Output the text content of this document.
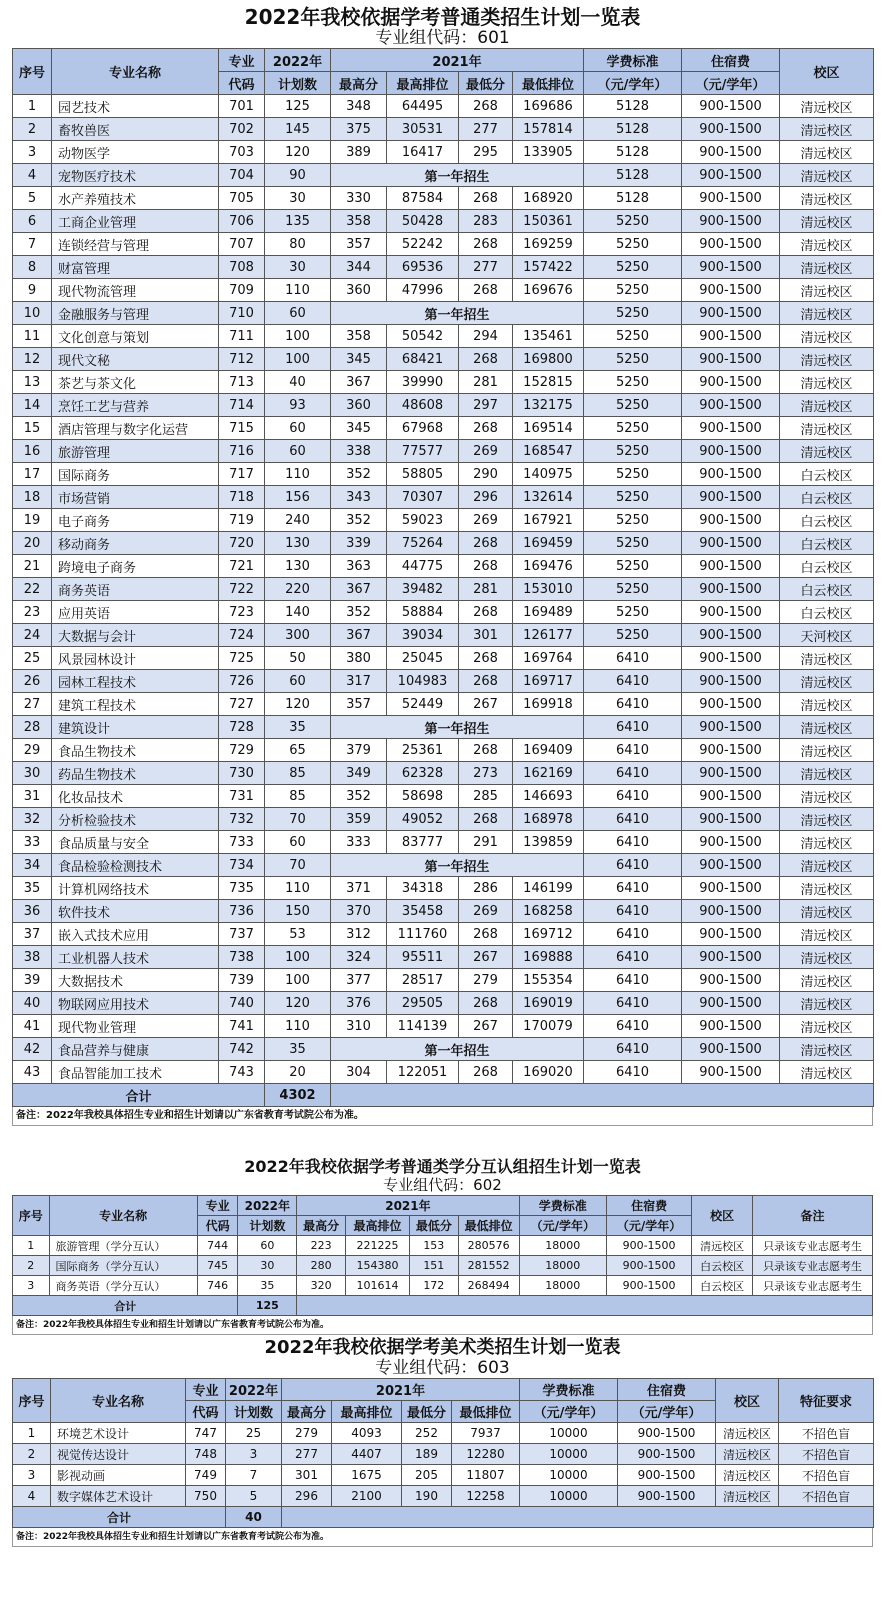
2022年我校依据学考普通类招生计划一览表
专业组代码：601
序号	专业名称	专业	2022年	2021年				学费标准	住宿费	校区
		代码	计划数	最高分	最高排位	最低分	最低排位	（元/学年）	（元/学年）	
1	园艺技术	701	125	348	64495	268	169686	5128	900-1500	清远校区
2	畜牧兽医	702	145	375	30531	277	157814	5128	900-1500	清远校区
3	动物医学	703	120	389	16417	295	133905	5128	900-1500	清远校区
4	宠物医疗技术	704	90	第一年招生				5128	900-1500	清远校区
5	水产养殖技术	705	30	330	87584	268	168920	5128	900-1500	清远校区
6	工商企业管理	706	135	358	50428	283	150361	5250	900-1500	清远校区
7	连锁经营与管理	707	80	357	52242	268	169259	5250	900-1500	清远校区
8	财富管理	708	30	344	69536	277	157422	5250	900-1500	清远校区
9	现代物流管理	709	110	360	47996	268	169676	5250	900-1500	清远校区
10	金融服务与管理	710	60	第一年招生				5250	900-1500	清远校区
11	文化创意与策划	711	100	358	50542	294	135461	5250	900-1500	清远校区
12	现代文秘	712	100	345	68421	268	169800	5250	900-1500	清远校区
13	茶艺与茶文化	713	40	367	39990	281	152815	5250	900-1500	清远校区
14	烹饪工艺与营养	714	93	360	48608	297	132175	5250	900-1500	清远校区
15	酒店管理与数字化运营	715	60	345	67968	268	169514	5250	900-1500	清远校区
16	旅游管理	716	60	338	77577	269	168547	5250	900-1500	清远校区
17	国际商务	717	110	352	58805	290	140975	5250	900-1500	白云校区
18	市场营销	718	156	343	70307	296	132614	5250	900-1500	白云校区
19	电子商务	719	240	352	59023	269	167921	5250	900-1500	白云校区
20	移动商务	720	130	339	75264	268	169459	5250	900-1500	白云校区
21	跨境电子商务	721	130	363	44775	268	169476	5250	900-1500	白云校区
22	商务英语	722	220	367	39482	281	153010	5250	900-1500	白云校区
23	应用英语	723	140	352	58884	268	169489	5250	900-1500	白云校区
24	大数据与会计	724	300	367	39034	301	126177	5250	900-1500	天河校区
25	风景园林设计	725	50	380	25045	268	169764	6410	900-1500	清远校区
26	园林工程技术	726	60	317	104983	268	169717	6410	900-1500	清远校区
27	建筑工程技术	727	120	357	52449	267	169918	6410	900-1500	清远校区
28	建筑设计	728	35	第一年招生				6410	900-1500	清远校区
29	食品生物技术	729	65	379	25361	268	169409	6410	900-1500	清远校区
30	药品生物技术	730	85	349	62328	273	162169	6410	900-1500	清远校区
31	化妆品技术	731	85	352	58698	285	146693	6410	900-1500	清远校区
32	分析检验技术	732	70	359	49052	268	168978	6410	900-1500	清远校区
33	食品质量与安全	733	60	333	83777	291	139859	6410	900-1500	清远校区
34	食品检验检测技术	734	70	第一年招生				6410	900-1500	清远校区
35	计算机网络技术	735	110	371	34318	286	146199	6410	900-1500	清远校区
36	软件技术	736	150	370	35458	269	168258	6410	900-1500	清远校区
37	嵌入式技术应用	737	53	312	111760	268	169712	6410	900-1500	清远校区
38	工业机器人技术	738	100	324	95511	267	169888	6410	900-1500	清远校区
39	大数据技术	739	100	377	28517	279	155354	6410	900-1500	清远校区
40	物联网应用技术	740	120	376	29505	268	169019	6410	900-1500	清远校区
41	现代物业管理	741	110	310	114139	267	170079	6410	900-1500	清远校区
42	食品营养与健康	742	35	第一年招生				6410	900-1500	清远校区
43	食品智能加工技术	743	20	304	122051	268	169020	6410	900-1500	清远校区
合计			4302							
备注：2022年我校具体招生专业和招生计划请以广东省教育考试院公布为准。
2022年我校依据学考普通类学分互认组招生计划一览表
专业组代码：602
序号	专业名称	专业	2022年	2021年				学费标准	住宿费	校区	备注
		代码	计划数	最高分	最高排位	最低分	最低排位	（元/学年）	（元/学年）		
1	旅游管理（学分互认）	744	60	223	221225	153	280576	18000	900-1500	清远校区	只录该专业志愿考生
2	国际商务（学分互认）	745	30	280	154380	151	281552	18000	900-1500	白云校区	只录该专业志愿考生
3	商务英语（学分互认）	746	35	320	101614	172	268494	18000	900-1500	白云校区	只录该专业志愿考生
合计			125								
备注：2022年我校具体招生专业和招生计划请以广东省教育考试院公布为准。
2022年我校依据学考美术类招生计划一览表
专业组代码：603
序号	专业名称	专业	2022年	2021年				学费标准	住宿费	校区	特征要求
		代码	计划数	最高分	最高排位	最低分	最低排位	（元/学年）	（元/学年）		
1	环境艺术设计	747	25	279	4093	252	7937	10000	900-1500	清远校区	不招色盲
2	视觉传达设计	748	3	277	4407	189	12280	10000	900-1500	清远校区	不招色盲
3	影视动画	749	7	301	1675	205	11807	10000	900-1500	清远校区	不招色盲
4	数字媒体艺术设计	750	5	296	2100	190	12258	10000	900-1500	清远校区	不招色盲
合计			40								
备注：2022年我校具体招生专业和招生计划请以广东省教育考试院公布为准。
